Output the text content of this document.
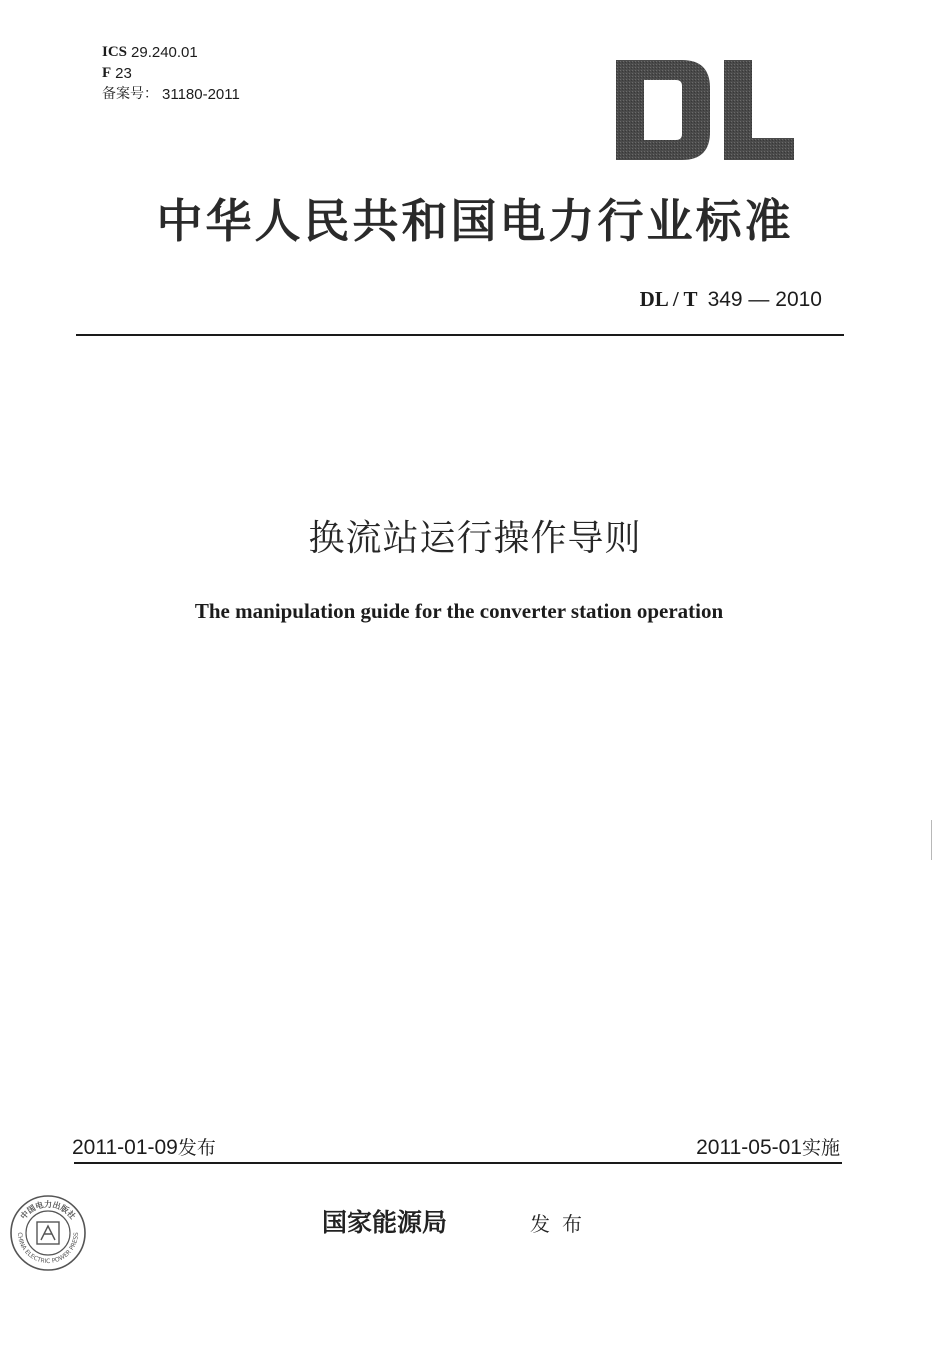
ICS 29.240.01
F 23
备案号： 31180-2011
中华人民共和国电力行业标准
DL / T 349 — 2010
换流站运行操作导则
The manipulation guide for the converter station operation
2011-01-09发布	2011-05-01实施
国家能源局	发布
中国电力出版社
CHINA ELECTRIC POWER PRESS
